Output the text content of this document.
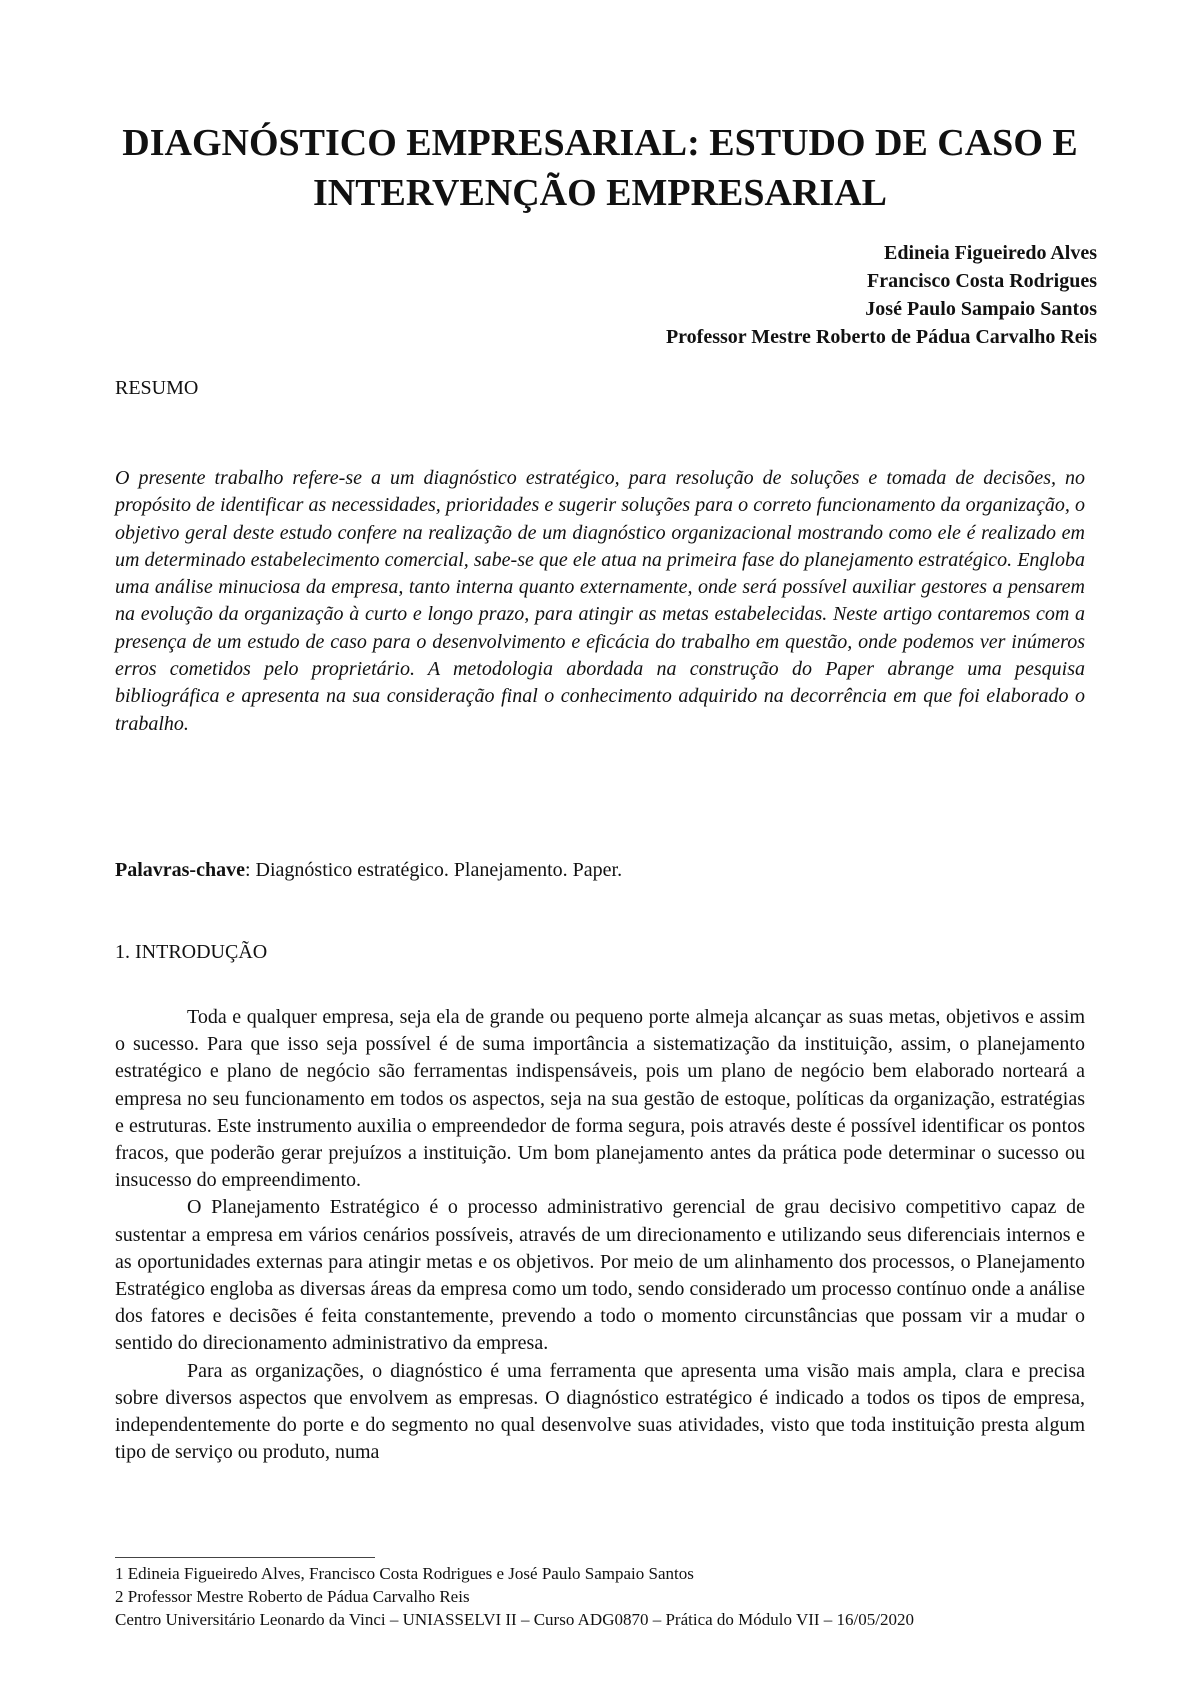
DIAGNÓSTICO EMPRESARIAL: ESTUDO DE CASO E INTERVENÇÃO EMPRESARIAL
Edineia Figueiredo Alves
Francisco Costa Rodrigues
José Paulo Sampaio Santos
Professor Mestre Roberto de Pádua Carvalho Reis
RESUMO

O presente trabalho refere-se a um diagnóstico estratégico, para resolução de soluções e tomada de decisões, no propósito de identificar as necessidades, prioridades e sugerir soluções para o correto funcionamento da organização, o objetivo geral deste estudo confere na realização de um diagnóstico organizacional mostrando como ele é realizado em um determinado estabelecimento comercial, sabe-se que ele atua na primeira fase do planejamento estratégico. Engloba uma análise minuciosa da empresa, tanto interna quanto externamente, onde será possível auxiliar gestores a pensarem na evolução da organização à curto e longo prazo, para atingir as metas estabelecidas. Neste artigo contaremos com a presença de um estudo de caso para o desenvolvimento e eficácia do trabalho em questão, onde podemos ver inúmeros erros cometidos pelo proprietário. A metodologia abordada na construção do Paper abrange uma pesquisa bibliográfica e apresenta na sua consideração final o conhecimento adquirido na decorrência em que foi elaborado o trabalho.

Palavras-chave: Diagnóstico estratégico. Planejamento. Paper.

1. INTRODUÇÃO

Toda e qualquer empresa, seja ela de grande ou pequeno porte almeja alcançar as suas metas, objetivos e assim o sucesso. Para que isso seja possível é de suma importância a sistematização da instituição, assim, o planejamento estratégico e plano de negócio são ferramentas indispensáveis, pois um plano de negócio bem elaborado norteará a empresa no seu funcionamento em todos os aspectos, seja na sua gestão de estoque, políticas da organização, estratégias e estruturas. Este instrumento auxilia o empreendedor de forma segura, pois através deste é possível identificar os pontos fracos, que poderão gerar prejuízos a instituição. Um bom planejamento antes da prática pode determinar o sucesso ou insucesso do empreendimento.

O Planejamento Estratégico é o processo administrativo gerencial de grau decisivo competitivo capaz de sustentar a empresa em vários cenários possíveis, através de um direcionamento e utilizando seus diferenciais internos e as oportunidades externas para atingir metas e os objetivos. Por meio de um alinhamento dos processos, o Planejamento Estratégico engloba as diversas áreas da empresa como um todo, sendo considerado um processo contínuo onde a análise dos fatores e decisões é feita constantemente, prevendo a todo o momento circunstâncias que possam vir a mudar o sentido do direcionamento administrativo da empresa.

Para as organizações, o diagnóstico é uma ferramenta que apresenta uma visão mais ampla, clara e precisa sobre diversos aspectos que envolvem as empresas. O diagnóstico estratégico é indicado a todos os tipos de empresa, independentemente do porte e do segmento no qual desenvolve suas atividades, visto que toda instituição presta algum tipo de serviço ou produto, numa

1 Edineia Figueiredo Alves, Francisco Costa Rodrigues e José Paulo Sampaio Santos
2 Professor Mestre Roberto de Pádua Carvalho Reis
Centro Universitário Leonardo da Vinci – UNIASSELVI II – Curso ADG0870 – Prática do Módulo VII – 16/05/2020
